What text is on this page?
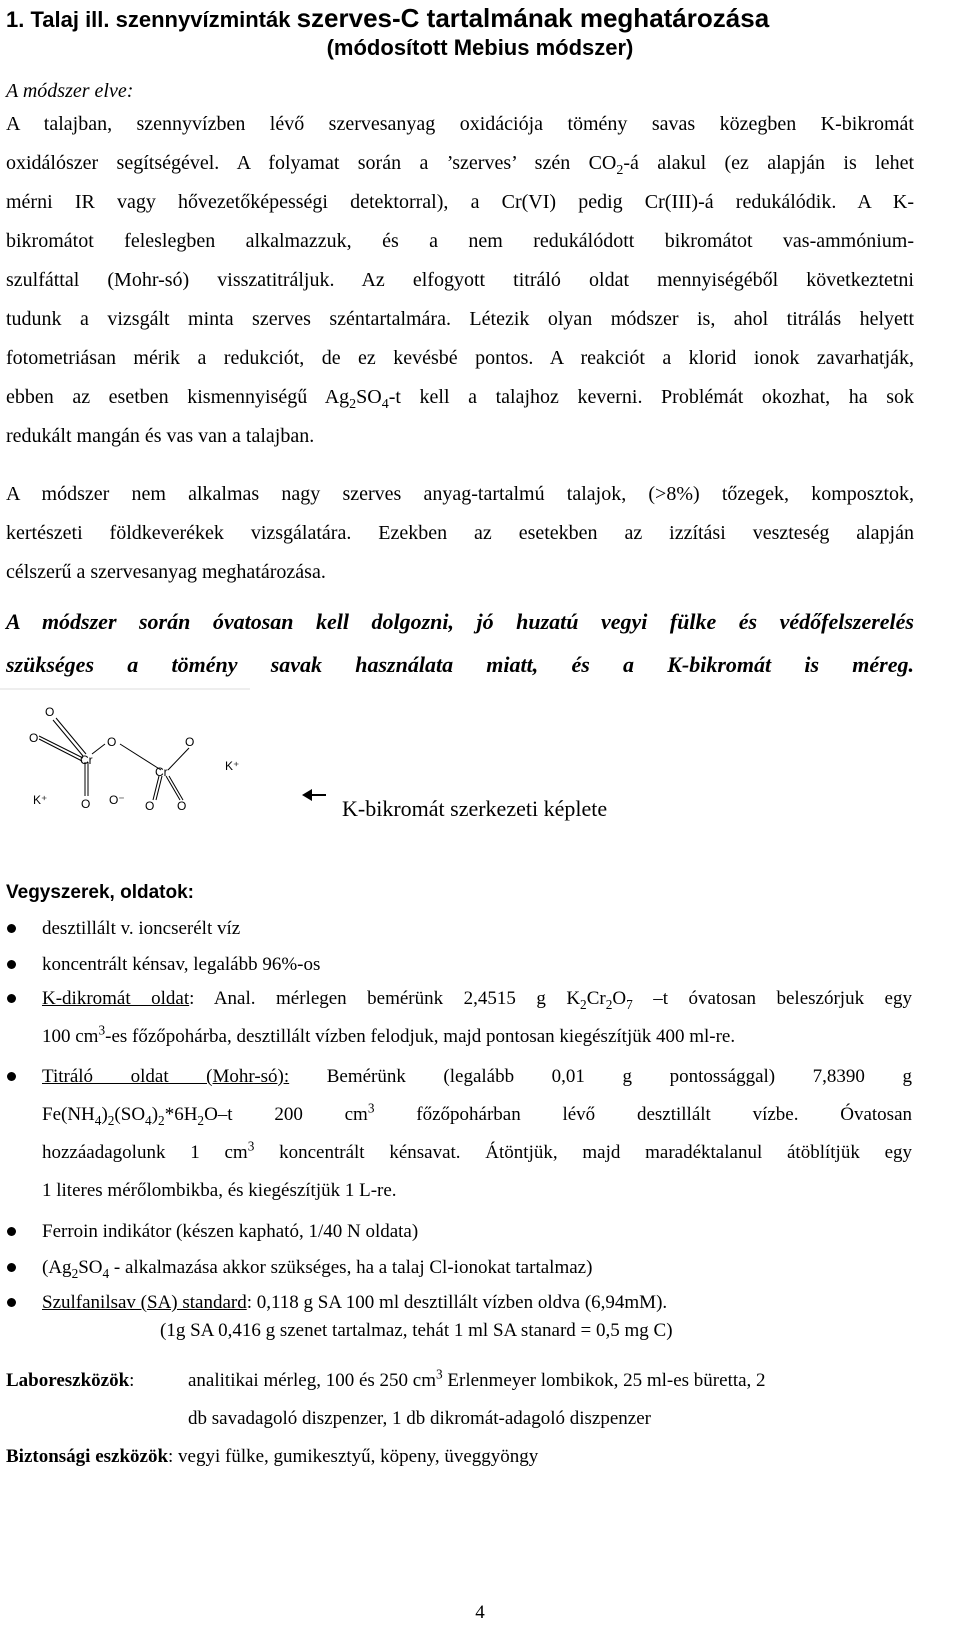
1. Talaj ill. szennyvízminták szerves-C tartalmának meghatározása
(módosított Mebius módszer)
A módszer elve:
A talajban, szennyvízben lévő szervesanyag oxidációja tömény savas közegben K-bikromát
oxidálószer segítségével. A folyamat során a ’szerves’ szén $CO_2-á$ alakul (ez alapján is lehet
mérni IR vagy hővezetőképességi detektorral), a Cr(VI) pedig Cr(III)-á redukálódik. A K-
bikromátot feleslegben alkalmazzuk, és a nem redukálódott bikromátot vas-ammónium-
szulfáttal (Mohr-só) visszatitráljuk. Az elfogyott titráló oldat mennyiségéből következtetni
tudunk a vizsgált minta szerves széntartalmára. Létezik olyan módszer is, ahol titrálás helyett
fotometriásan mérik a redukciót, de ez kevésbé pontos. A reakciót a klorid ionok zavarhatják,
ebben az esetben kismennyiségű $Ag_2SO_4-t$ kell a talajhoz keverni. Problémát okozhat, ha sok
redukált mangán és vas van a talajban.
A módszer nem alkalmas nagy szerves anyag-tartalmú talajok, (>8%) tőzegek, komposztok,
kertészeti földkeverékek vizsgálatára. Ezekben az esetekben az izzítási veszteség alapján
célszerű a szervesanyag meghatározása.
A módszer során óvatosan kell dolgozni, jó huzatú vegyi fülke és védőfelszerelés
szükséges a tömény savak használata miatt, és a K-bikromát is méreg.
O
O
O
O
O O
O
Cr
Cr
K⁺	O⁻
K⁺
K-bikromát szerkezeti képlete
Vegyszerek, oldatok:
desztillált v. ioncserélt víz
koncentrált kénsav, legalább 96%-os
K-dikromát oldat: Anal. mérlegen bemérünk 2,4515 g $K_2Cr_2O_7$ –t óvatosan beleszórjuk egy
100 $cm^3-es$ főzőpohárba, desztillált vízben felodjuk, majd pontosan kiegészítjük 400 ml-re.
Titráló oldat (Mohr-só): Bemérünk (legalább 0,01 g pontossággal) 7,8390 g
$Fe(NH_4)_2(SO_4)_2*6H_2O-t$ 200 $cm^3$ főzőpohárban lévő desztillált vízbe. Óvatosan
hozzáadagolunk 1 $cm^3$ koncentrált kénsavat. Átöntjük, majd maradéktalanul átöblítjük egy
1 literes mérőlombikba, és kiegészítjük 1 L-re.
Ferroin indikátor (készen kapható, 1/40 N oldata)
($Ag_2SO_4$ - alkalmazása akkor szükséges, ha a talaj Cl-ionokat tartalmaz)
Szulfanilsav (SA) standard: 0,118 g SA 100 ml desztillált vízben oldva (6,94mM).
(1g SA 0,416 g szenet tartalmaz, tehát 1 ml SA stanard = 0,5 mg C)
Laboreszközök:	analitikai mérleg, 100 és 250 $cm^3$ Erlenmeyer lombikok, 25 ml-es büretta, 2
db savadagoló diszpenzer, 1 db dikromát-adagoló diszpenzer
Biztonsági eszközök: vegyi fülke, gumikesztyű, köpeny, üveggyöngy
4
